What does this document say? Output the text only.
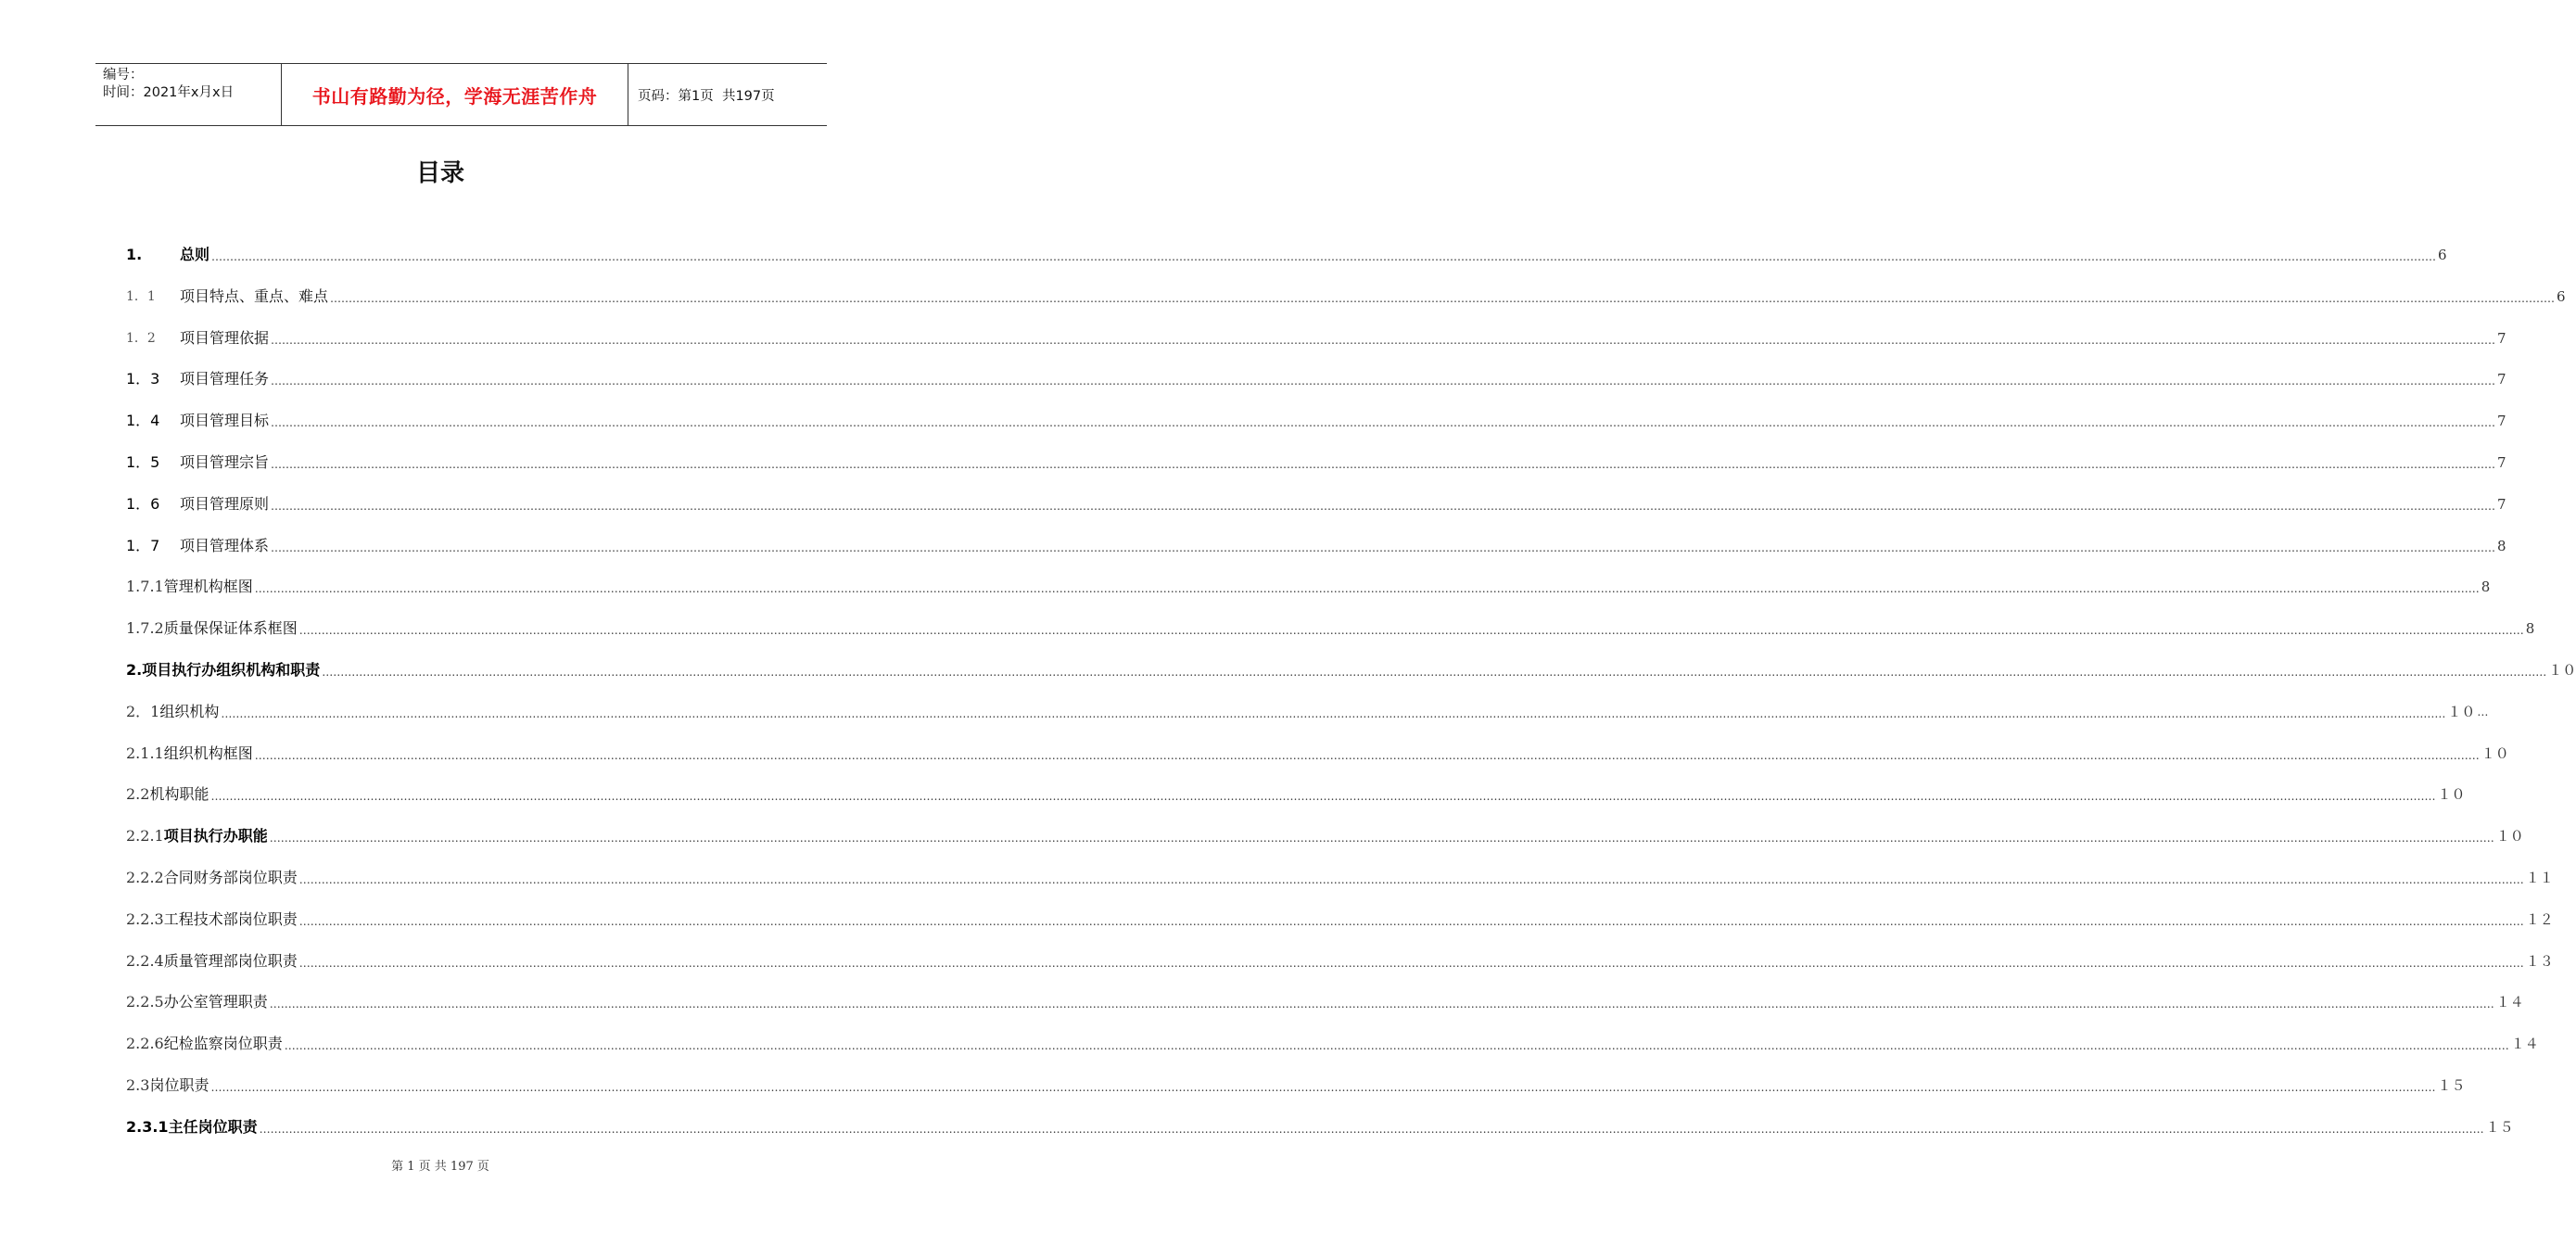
编号：
时间：2021年x月x日	书山有路勤为径，学海无涯苦作舟	页码：第1页  共197页
目录
1.	总则 …………………………………………………………………………………………………………………………………………………………………………………………………………………………………………………………………………………………………………………………………………………………………………………………………………………………………………………………………………………………………………………………………………………… 6
1．1	项目特点、重点、难点 …………………………………………………………………………………………………………………………………………………………………………………………………………………………………………………………………………………………………………………………………………………………………………………………………………………………………………………………………………………………………………………………………………………… 6
1．2	项目管理依据 …………………………………………………………………………………………………………………………………………………………………………………………………………………………………………………………………………………………………………………………………………………………………………………………………………………………………………………………………………………………………………………………………………………… 7
1．3	项目管理任务 …………………………………………………………………………………………………………………………………………………………………………………………………………………………………………………………………………………………………………………………………………………………………………………………………………………………………………………………………………………………………………………………………………………… 7
1．4	项目管理目标 …………………………………………………………………………………………………………………………………………………………………………………………………………………………………………………………………………………………………………………………………………………………………………………………………………………………………………………………………………………………………………………………………………………… 7
1．5	项目管理宗旨 …………………………………………………………………………………………………………………………………………………………………………………………………………………………………………………………………………………………………………………………………………………………………………………………………………………………………………………………………………………………………………………………………………………… 7
1．6	项目管理原则 …………………………………………………………………………………………………………………………………………………………………………………………………………………………………………………………………………………………………………………………………………………………………………………………………………………………………………………………………………………………………………………………………………………… 7
1．7	项目管理体系 …………………………………………………………………………………………………………………………………………………………………………………………………………………………………………………………………………………………………………………………………………………………………………………………………………………………………………………………………………………………………………………………………………………… 8
1.7.1 管理机构框图 …………………………………………………………………………………………………………………………………………………………………………………………………………………………………………………………………………………………………………………………………………………………………………………………………………………………………………………………………………………………………………………………………………………… 8
1.7.2 质量保保证体系框图 …………………………………………………………………………………………………………………………………………………………………………………………………………………………………………………………………………………………………………………………………………………………………………………………………………………………………………………………………………………………………………………………………………………… 8
2. 项目执行办组织机构和职责 …………………………………………………………………………………………………………………………………………………………………………………………………………………………………………………………………………………………………………………………………………………………………………………………………………………………………………………………………………………………………………………………………………………… １０
2．1 组织机构 …………………………………………………………………………………………………………………………………………………………………………………………………………………………………………………………………………………………………………………………………………………………………………………………………………………………………………………………………………………………………………………………………………………… １０ …
2.1.1 组织机构框图 …………………………………………………………………………………………………………………………………………………………………………………………………………………………………………………………………………………………………………………………………………………………………………………………………………………………………………………………………………………………………………………………………………………… １０
2.2 机构职能 …………………………………………………………………………………………………………………………………………………………………………………………………………………………………………………………………………………………………………………………………………………………………………………………………………………………………………………………………………………………………………………………………………………… １０
2.2.1 项目执行办职能 …………………………………………………………………………………………………………………………………………………………………………………………………………………………………………………………………………………………………………………………………………………………………………………………………………………………………………………………………………………………………………………………………………………… １０
2.2.2 合同财务部岗位职责 …………………………………………………………………………………………………………………………………………………………………………………………………………………………………………………………………………………………………………………………………………………………………………………………………………………………………………………………………………………………………………………………………………………… １１
2.2.3 工程技术部岗位职责 …………………………………………………………………………………………………………………………………………………………………………………………………………………………………………………………………………………………………………………………………………………………………………………………………………………………………………………………………………………………………………………………………………………… １２
2.2.4 质量管理部岗位职责 …………………………………………………………………………………………………………………………………………………………………………………………………………………………………………………………………………………………………………………………………………………………………………………………………………………………………………………………………………………………………………………………………………………… １３
2.2.5 办公室管理职责 …………………………………………………………………………………………………………………………………………………………………………………………………………………………………………………………………………………………………………………………………………………………………………………………………………………………………………………………………………………………………………………………………………………… １４
2.2.6 纪检监察岗位职责 …………………………………………………………………………………………………………………………………………………………………………………………………………………………………………………………………………………………………………………………………………………………………………………………………………………………………………………………………………………………………………………………………………………… １４
2.3 岗位职责 …………………………………………………………………………………………………………………………………………………………………………………………………………………………………………………………………………………………………………………………………………………………………………………………………………………………………………………………………………………………………………………………………………………… １５
2.3.1 主任岗位职责 …………………………………………………………………………………………………………………………………………………………………………………………………………………………………………………………………………………………………………………………………………………………………………………………………………………………………………………………………………………………………………………………………………………… １５
第 1 页 共 197 页
